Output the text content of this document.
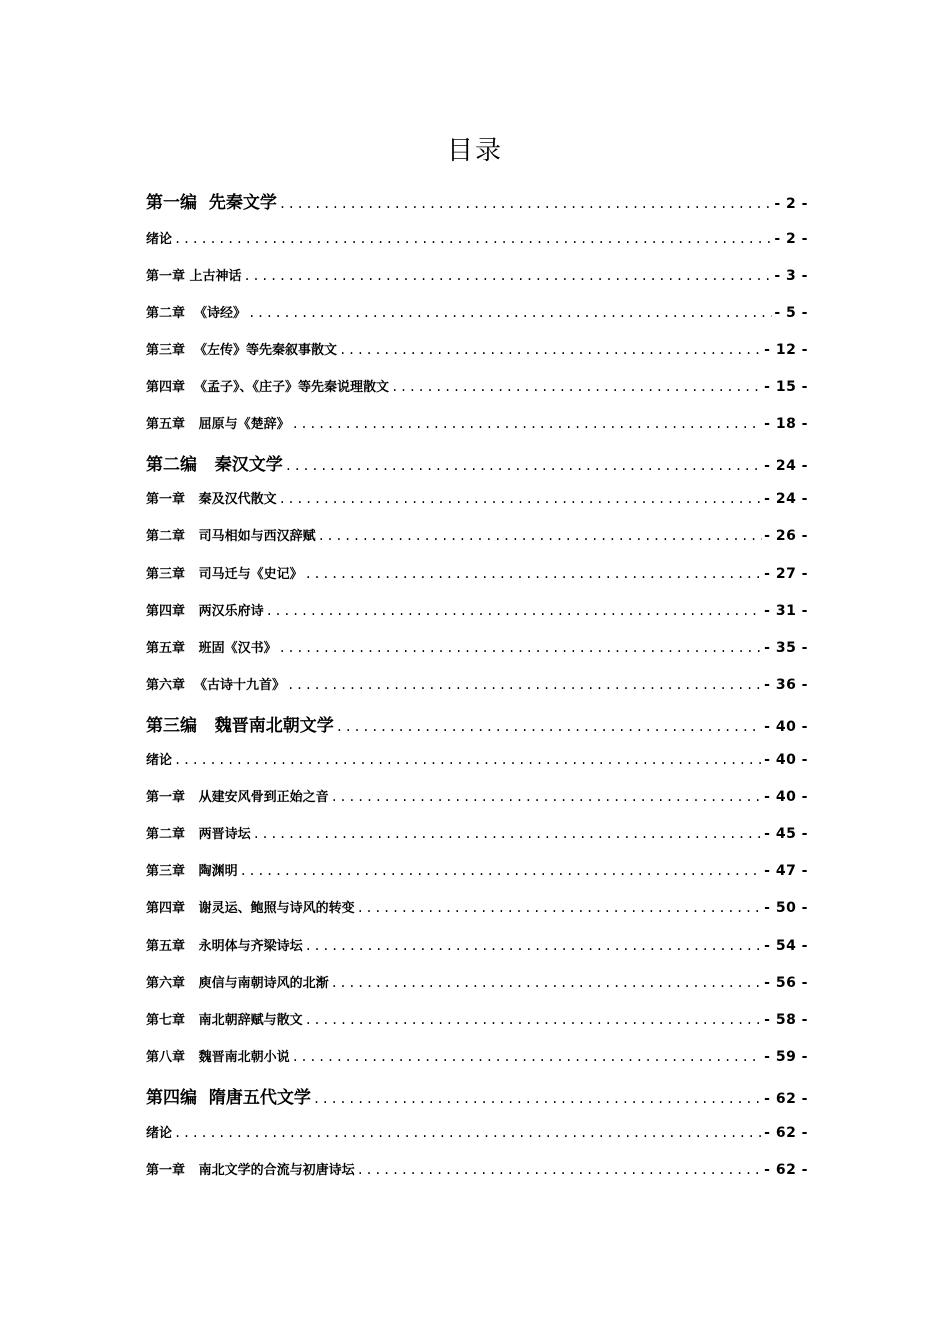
目录
第一编  先秦文学 .....	- 2 -
绪论 .....	- 2 -
第一章 上古神话 .....	- 3 -
第二章  《诗经》 .....	- 5 -
第三章  《左传》等先秦叙事散文 .....	- 12 -
第四章  《孟子》、《庄子》等先秦说理散文 .....	- 15 -
第五章   屈原与《楚辞》 .....	- 18 -
第二编   秦汉文学 .....	- 24 -
第一章   秦及汉代散文 .....	- 24 -
第二章   司马相如与西汉辞赋 .....	- 26 -
第三章   司马迁与《史记》 .....	- 27 -
第四章   两汉乐府诗 .....	- 31 -
第五章   班固《汉书》 .....	- 35 -
第六章  《古诗十九首》 .....	- 36 -
第三编   魏晋南北朝文学 .....	- 40 -
绪论 .....	- 40 -
第一章   从建安风骨到正始之音 .....	- 40 -
第二章   两晋诗坛 .....	- 45 -
第三章   陶渊明 .....	- 47 -
第四章   谢灵运、鲍照与诗风的转变 .....	- 50 -
第五章   永明体与齐梁诗坛 .....	- 54 -
第六章   庾信与南朝诗风的北渐 .....	- 56 -
第七章   南北朝辞赋与散文 .....	- 58 -
第八章   魏晋南北朝小说 .....	- 59 -
第四编  隋唐五代文学 .....	- 62 -
绪论 .....	- 62 -
第一章   南北文学的合流与初唐诗坛 .....	- 62 -
